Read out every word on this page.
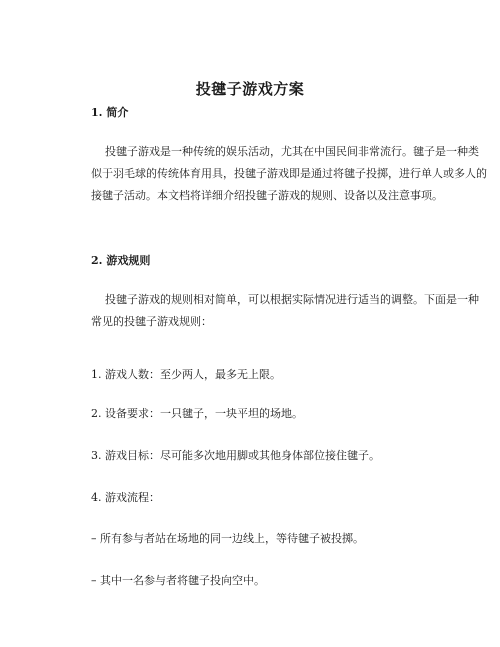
投毽子游戏方案
1. 简介
投毽子游戏是一种传统的娱乐活动，尤其在中国民间非常流行。毽子是一种类
似于羽毛球的传统体育用具，投毽子游戏即是通过将毽子投掷，进行单人或多人的
接毽子活动。本文档将详细介绍投毽子游戏的规则、设备以及注意事项。
2. 游戏规则
投毽子游戏的规则相对简单，可以根据实际情况进行适当的调整。下面是一种
常见的投毽子游戏规则：

1. 游戏人数：至少两人，最多无上限。

2. 设备要求：一只毽子，一块平坦的场地。

3. 游戏目标：尽可能多次地用脚或其他身体部位接住毽子。

4. 游戏流程：

– 所有参与者站在场地的同一边线上，等待毽子被投掷。

– 其中一名参与者将毽子投向空中。
